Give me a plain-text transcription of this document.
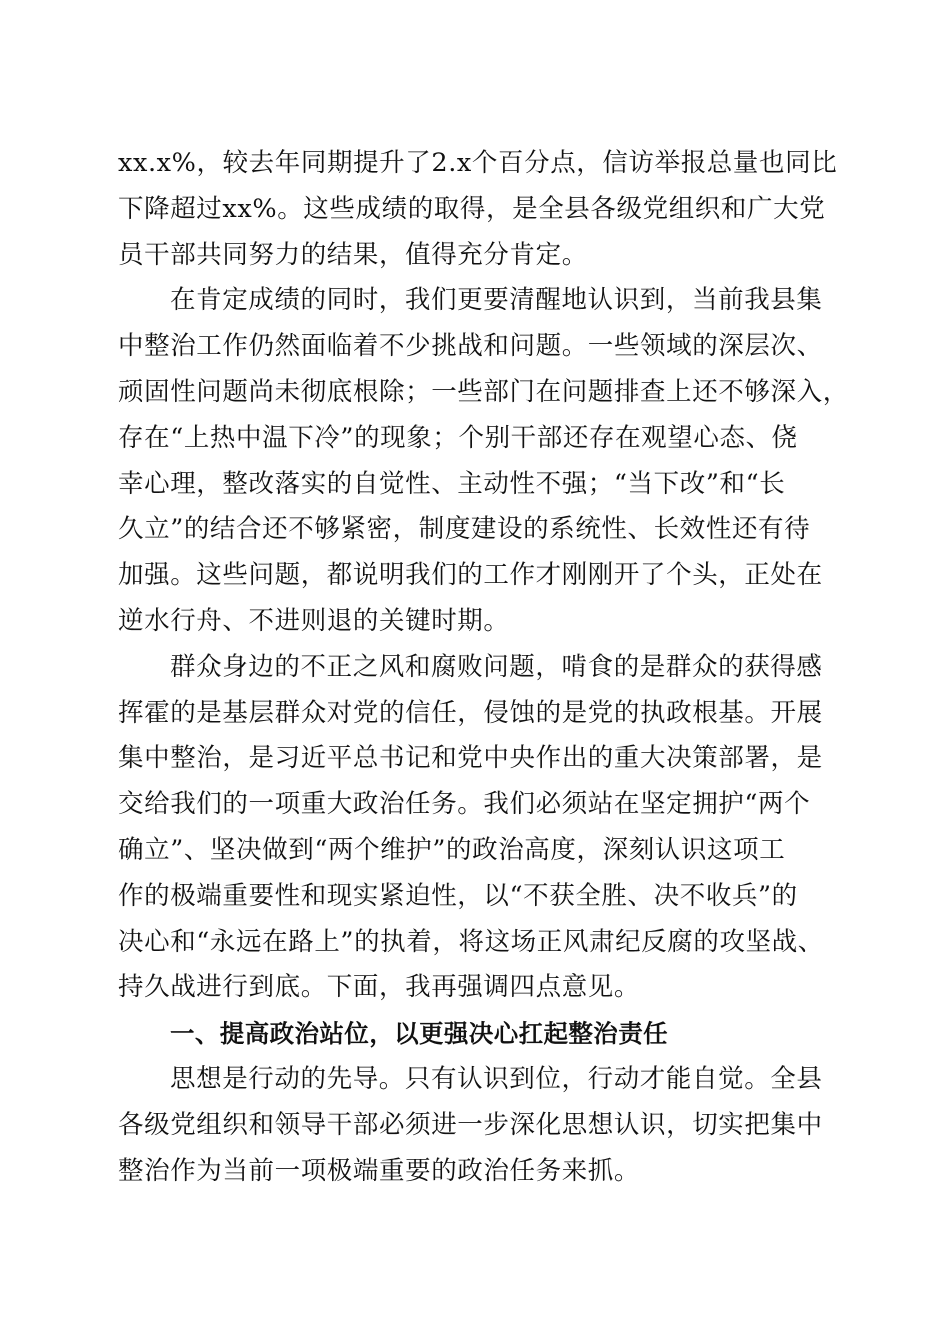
xx.x%，较去年同期提升了2.x个百分点，信访举报总量也同比
下降超过xx%。这些成绩的取得，是全县各级党组织和广大党
员干部共同努力的结果，值得充分肯定。
在肯定成绩的同时，我们更要清醒地认识到，当前我县集
中整治工作仍然面临着不少挑战和问题。一些领域的深层次、
顽固性问题尚未彻底根除；一些部门在问题排查上还不够深入，
存在“上热中温下冷”的现象；个别干部还存在观望心态、侥
幸心理，整改落实的自觉性、主动性不强；“当下改”和“长
久立”的结合还不够紧密，制度建设的系统性、长效性还有待
加强。这些问题，都说明我们的工作才刚刚开了个头，正处在
逆水行舟、不进则退的关键时期。
群众身边的不正之风和腐败问题，啃食的是群众的获得感
挥霍的是基层群众对党的信任，侵蚀的是党的执政根基。开展
集中整治，是习近平总书记和党中央作出的重大决策部署，是
交给我们的一项重大政治任务。我们必须站在坚定拥护“两个
确立”、坚决做到“两个维护”的政治高度，深刻认识这项工
作的极端重要性和现实紧迫性，以“不获全胜、决不收兵”的
决心和“永远在路上”的执着，将这场正风肃纪反腐的攻坚战、
持久战进行到底。下面，我再强调四点意见。
一、提高政治站位，以更强决心扛起整治责任
思想是行动的先导。只有认识到位，行动才能自觉。全县
各级党组织和领导干部必须进一步深化思想认识，切实把集中
整治作为当前一项极端重要的政治任务来抓。
